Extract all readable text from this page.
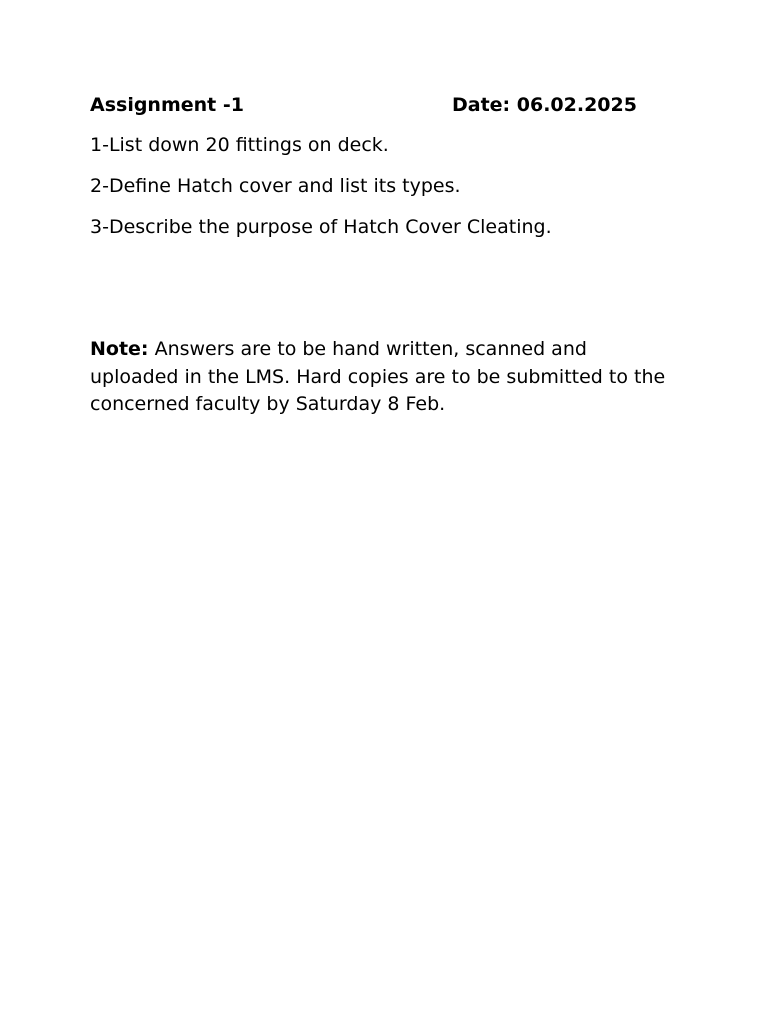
Assignment -1	Date: 06.02.2025
1-List down 20 fittings on deck.
2-Define Hatch cover and list its types.
3-Describe the purpose of Hatch Cover Cleating.
Note: Answers are to be hand written, scanned and uploaded in the LMS. Hard copies are to be submitted to the concerned faculty by Saturday 8 Feb.
